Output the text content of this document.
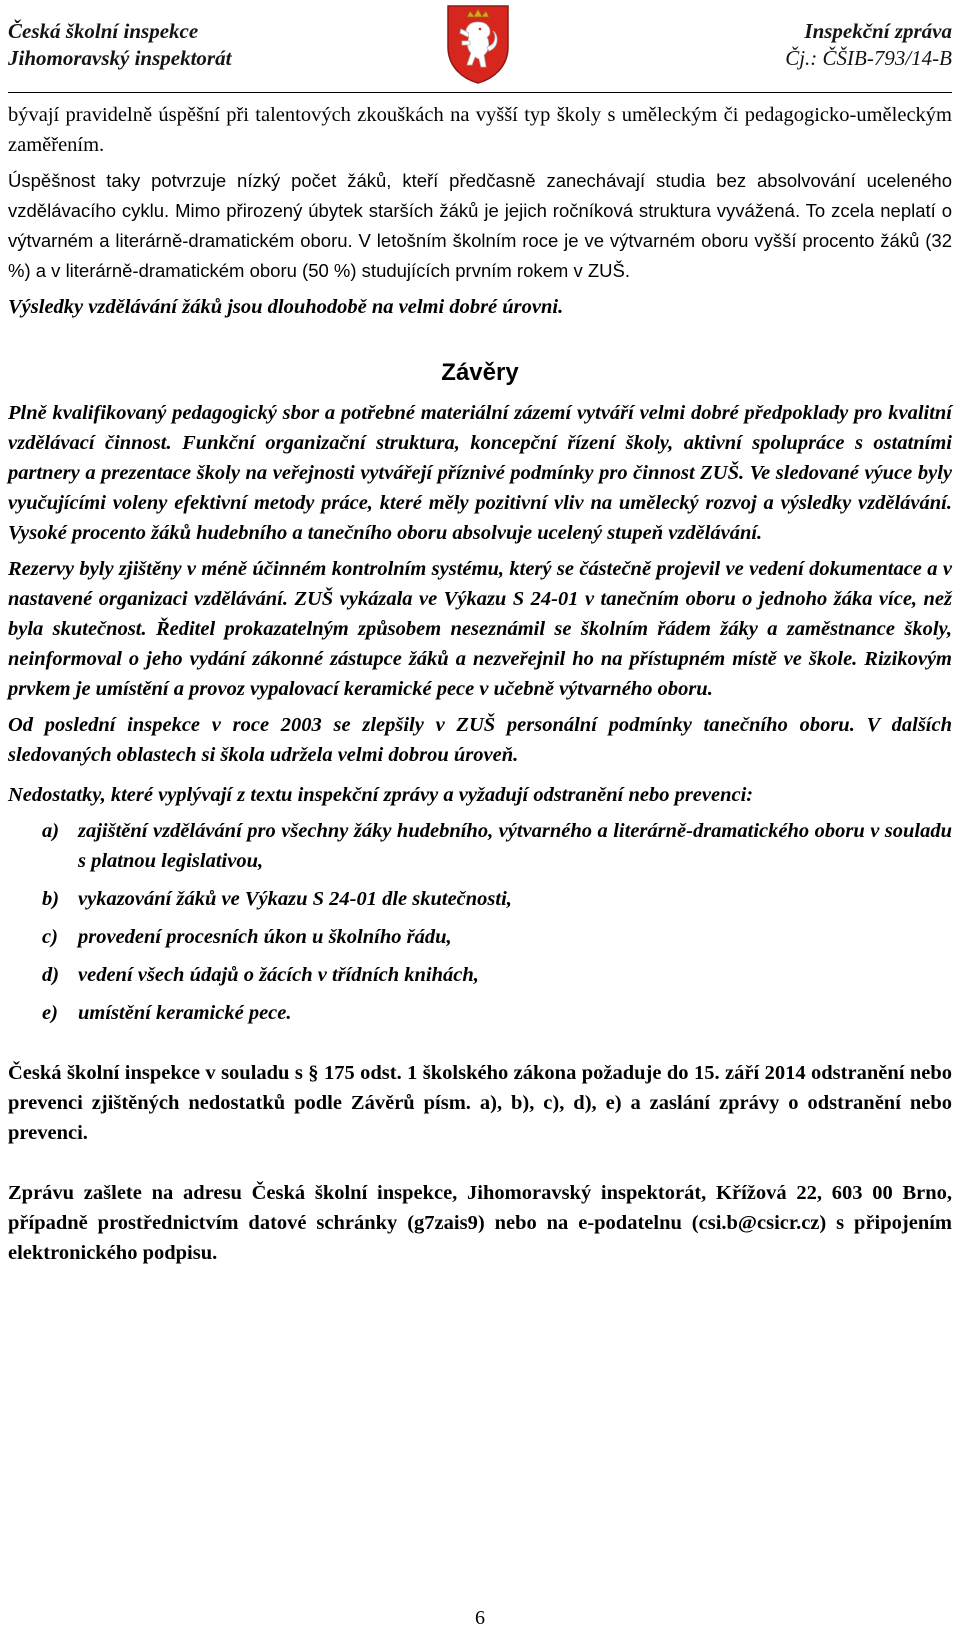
Česká školní inspekce
Jihomoravský inspektorát
Inspekční zpráva
Čj.: ČŠIB-793/14-B

bývají pravidelně úspěšní při talentových zkouškách na vyšší typ školy s uměleckým či pedagogicko-uměleckým zaměřením.

Úspěšnost taky potvrzuje nízký počet žáků, kteří předčasně zanechávají studia bez absolvování uceleného vzdělávacího cyklu. Mimo přirozený úbytek starších žáků je jejich ročníková struktura vyvážená. To zcela neplatí o výtvarném a literárně-dramatickém oboru. V letošním školním roce je ve výtvarném oboru vyšší procento žáků (32 %) a v literárně-dramatickém oboru (50 %) studujících prvním rokem v ZUŠ.

Výsledky vzdělávání žáků jsou dlouhodobě na velmi dobré úrovni.

Závěry

Plně kvalifikovaný pedagogický sbor a potřebné materiální zázemí vytváří velmi dobré předpoklady pro kvalitní vzdělávací činnost. Funkční organizační struktura, koncepční řízení školy, aktivní spolupráce s ostatními partnery a prezentace školy na veřejnosti vytvářejí příznivé podmínky pro činnost ZUŠ. Ve sledované výuce byly vyučujícími voleny efektivní metody práce, které měly pozitivní vliv na umělecký rozvoj a výsledky vzdělávání. Vysoké procento žáků hudebního a tanečního oboru absolvuje ucelený stupeň vzdělávání.

Rezervy byly zjištěny v méně účinném kontrolním systému, který se částečně projevil ve vedení dokumentace a v nastavené organizaci vzdělávání. ZUŠ vykázala ve Výkazu S 24-01 v tanečním oboru o jednoho žáka více, než byla skutečnost. Ředitel prokazatelným způsobem neseznámil se školním řádem žáky a zaměstnance školy, neinformoval o jeho vydání zákonné zástupce žáků a nezveřejnil ho na přístupném místě ve škole. Rizikovým prvkem je umístění a provoz vypalovací keramické pece v učebně výtvarného oboru.

Od poslední inspekce v roce 2003 se zlepšily v ZUŠ personální podmínky tanečního oboru. V dalších sledovaných oblastech si škola udržela velmi dobrou úroveň.

Nedostatky, které vyplývají z textu inspekční zprávy a vyžadují odstranění nebo prevenci:

a) zajištění vzdělávání pro všechny žáky hudebního, výtvarného a literárně-dramatického oboru v souladu s platnou legislativou,
b) vykazování žáků ve Výkazu S 24-01 dle skutečnosti,
c) provedení procesních úkon u školního řádu,
d) vedení všech údajů o žácích v třídních knihách,
e) umístění keramické pece.

Česká školní inspekce v souladu s § 175 odst. 1 školského zákona požaduje do 15. září 2014 odstranění nebo prevenci zjištěných nedostatků podle Závěrů písm. a), b), c), d), e) a zaslání zprávy o odstranění nebo prevenci.

Zprávu zašlete na adresu Česká školní inspekce, Jihomoravský inspektorát, Křížová 22, 603 00 Brno, případně prostřednictvím datové schránky (g7zais9) nebo na e-podatelnu (csi.b@csicr.cz) s připojením elektronického podpisu.

6
